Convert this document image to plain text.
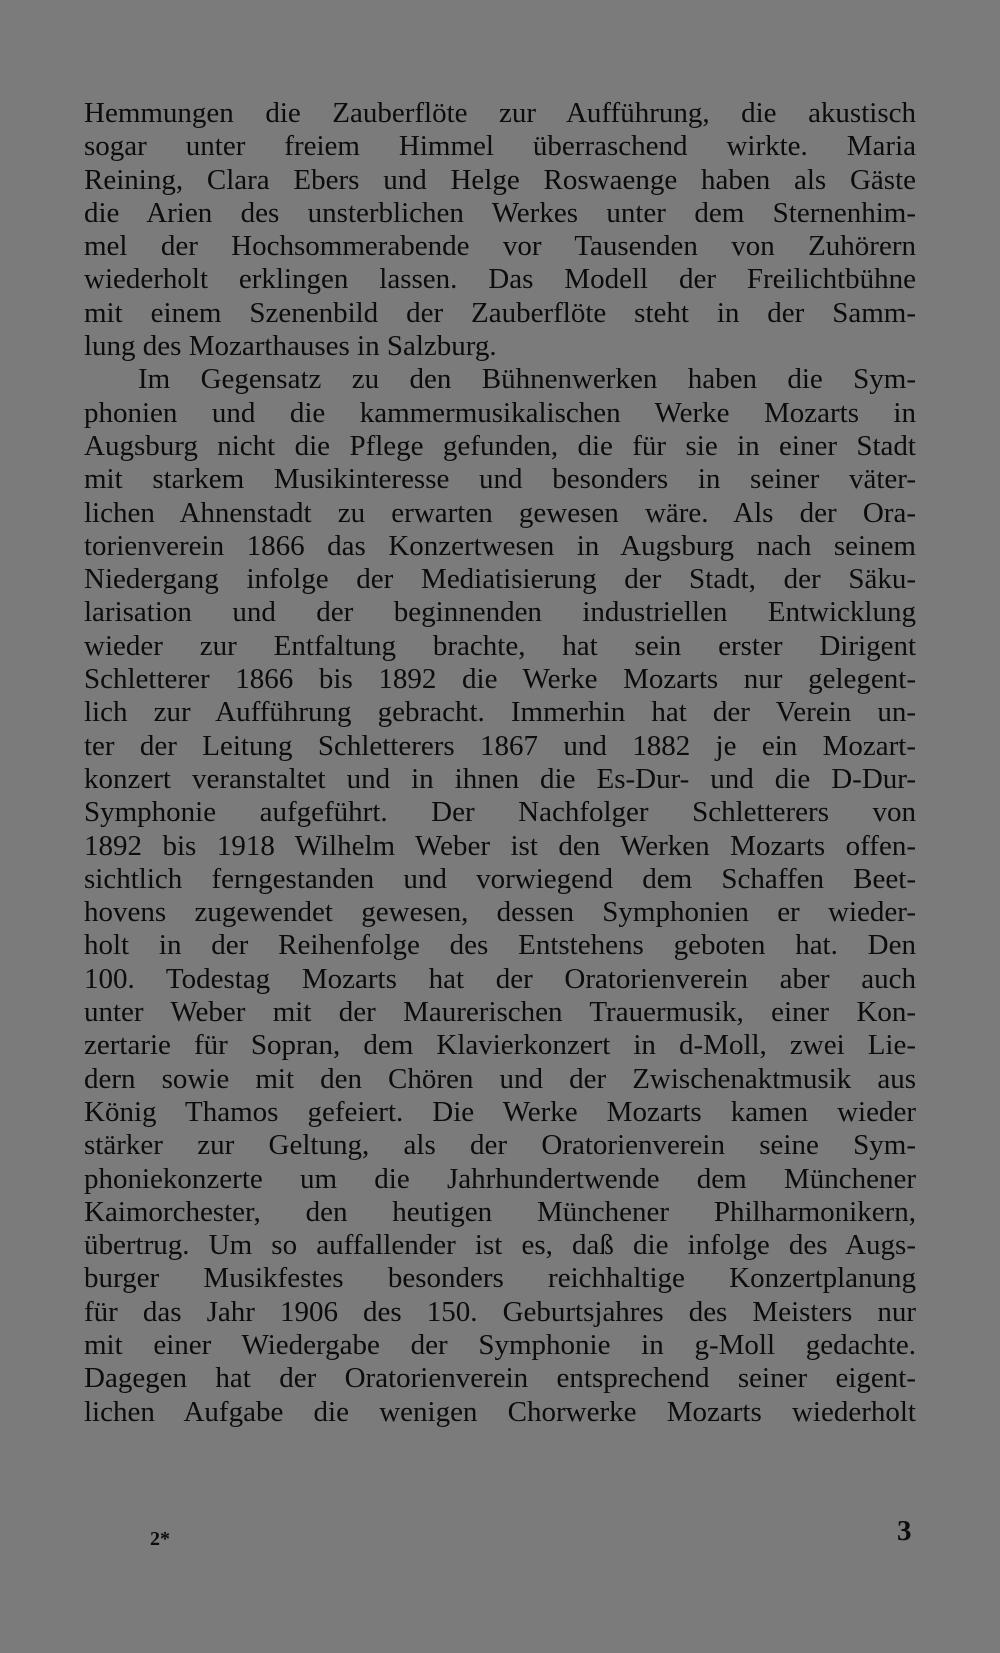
Hemmungen die Zauberflöte zur Aufführung, die akustisch
sogar unter freiem Himmel überraschend wirkte. Maria
Reining, Clara Ebers und Helge Roswaenge haben als Gäste
die Arien des unsterblichen Werkes unter dem Sternenhim-
mel der Hochsommerabende vor Tausenden von Zuhörern
wiederholt erklingen lassen. Das Modell der Freilichtbühne
mit einem Szenenbild der Zauberflöte steht in der Samm-
lung des Mozarthauses in Salzburg.
Im Gegensatz zu den Bühnenwerken haben die Sym-
phonien und die kammermusikalischen Werke Mozarts in
Augsburg nicht die Pflege gefunden, die für sie in einer Stadt
mit starkem Musikinteresse und besonders in seiner väter-
lichen Ahnenstadt zu erwarten gewesen wäre. Als der Ora-
torienverein 1866 das Konzertwesen in Augsburg nach seinem
Niedergang infolge der Mediatisierung der Stadt, der Säku-
larisation und der beginnenden industriellen Entwicklung
wieder zur Entfaltung brachte, hat sein erster Dirigent
Schletterer 1866 bis 1892 die Werke Mozarts nur gelegent-
lich zur Aufführung gebracht. Immerhin hat der Verein un-
ter der Leitung Schletterers 1867 und 1882 je ein Mozart-
konzert veranstaltet und in ihnen die Es-Dur- und die D-Dur-
Symphonie aufgeführt. Der Nachfolger Schletterers von
1892 bis 1918 Wilhelm Weber ist den Werken Mozarts offen-
sichtlich ferngestanden und vorwiegend dem Schaffen Beet-
hovens zugewendet gewesen, dessen Symphonien er wieder-
holt in der Reihenfolge des Entstehens geboten hat. Den
100. Todestag Mozarts hat der Oratorienverein aber auch
unter Weber mit der Maurerischen Trauermusik, einer Kon-
zertarie für Sopran, dem Klavierkonzert in d-Moll, zwei Lie-
dern sowie mit den Chören und der Zwischenaktmusik aus
König Thamos gefeiert. Die Werke Mozarts kamen wieder
stärker zur Geltung, als der Oratorienverein seine Sym-
phoniekonzerte um die Jahrhundertwende dem Münchener
Kaimorchester, den heutigen Münchener Philharmonikern,
übertrug. Um so auffallender ist es, daß die infolge des Augs-
burger Musikfestes besonders reichhaltige Konzertplanung
für das Jahr 1906 des 150. Geburtsjahres des Meisters nur
mit einer Wiedergabe der Symphonie in g-Moll gedachte.
Dagegen hat der Oratorienverein entsprechend seiner eigent-
lichen Aufgabe die wenigen Chorwerke Mozarts wiederholt
2*	3
